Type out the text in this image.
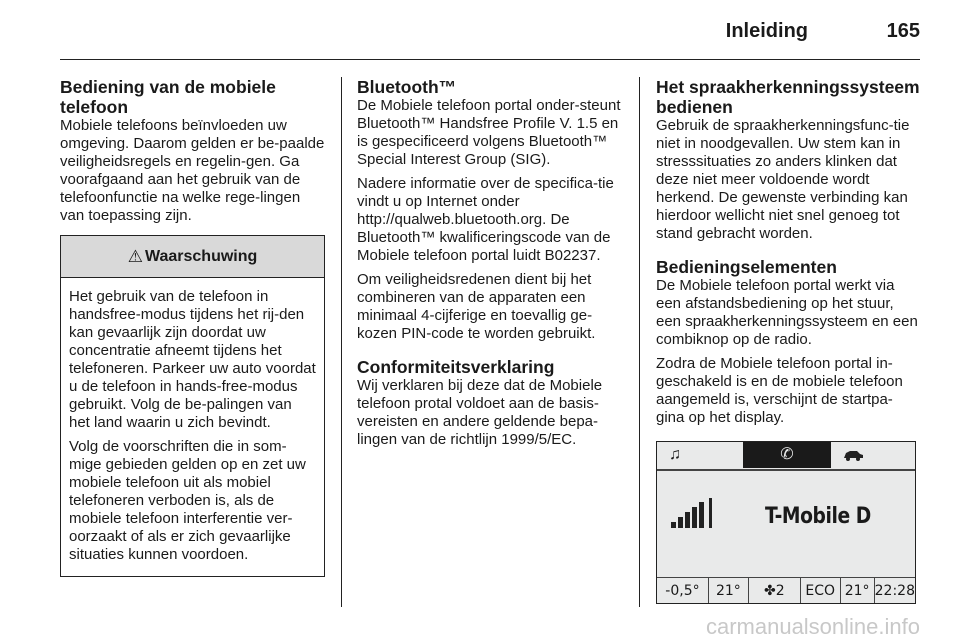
Inleiding	165
Bediening van de mobiele telefoon

Mobiele telefoons beïnvloeden uw omgeving. Daarom gelden er be-paalde veiligheidsregels en regelin-gen. Ga voorafgaand aan het gebruik van de telefoonfunctie na welke rege-lingen van toepassing zijn.

⚠ Waarschuwing

Het gebruik van de telefoon in handsfree-modus tijdens het rij-den kan gevaarlijk zijn doordat uw concentratie afneemt tijdens het telefoneren. Parkeer uw auto voordat u de telefoon in hands-free-modus gebruikt. Volg de be-palingen van het land waarin u zich bevindt.

Volg de voorschriften die in som-mige gebieden gelden op en zet uw mobiele telefoon uit als mobiel telefoneren verboden is, als de mobiele telefoon interferentie ver-oorzaakt of als er zich gevaarlijke situaties kunnen voordoen.

Bluetooth™

De Mobiele telefoon portal onder-steunt Bluetooth™ Handsfree Profile V. 1.5 en is gespecificeerd volgens Bluetooth™ Special Interest Group (SIG).

Nadere informatie over de specifica-tie vindt u op Internet onder http://qualweb.bluetooth.org. De Bluetooth™ kwalificeringscode van de Mobiele telefoon portal luidt B02237.

Om veiligheidsredenen dient bij het combineren van de apparaten een minimaal 4-cijferige en toevallig ge-kozen PIN-code te worden gebruikt.

Conformiteitsverklaring

Wij verklaren bij deze dat de Mobiele telefoon protal voldoet aan de basis-vereisten en andere geldende bepa-lingen van de richtlijn 1999/5/EC.

Het spraakherkenningssysteem bedienen

Gebruik de spraakherkenningsfunc-tie niet in noodgevallen. Uw stem kan in stresssituaties zo anders klinken dat deze niet meer voldoende wordt herkend. De gewenste verbinding kan hierdoor wellicht niet snel genoeg tot stand gebracht worden.

Bedieningselementen

De Mobiele telefoon portal werkt via een afstandsbediening op het stuur, een spraakherkenningssysteem en een combiknop op de radio.

Zodra de Mobiele telefoon portal in-geschakeld is en de mobiele telefoon aangemeld is, verschijnt de startpa-gina op het display.

♫	✆
T-Mobile D
-0,5°	21°	✤ 2	ECO 21° 22:28
carmanualsonline.info
